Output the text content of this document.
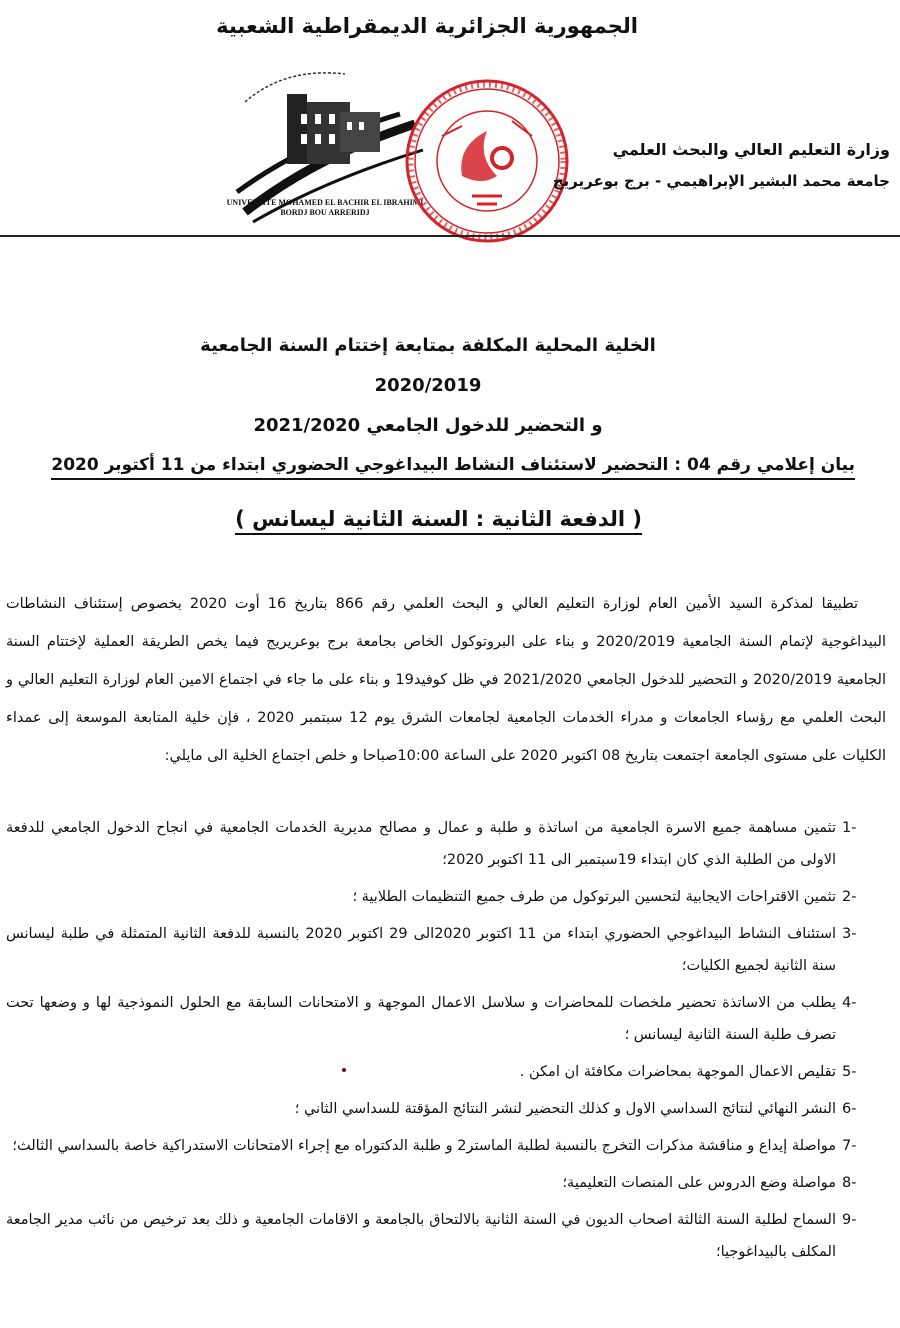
الجمهورية الجزائرية الديمقراطية الشعبية
UNIVERSITE MOHAMED EL BACHIR EL IBRAHIMI
BORDJ BOU ARRERIDJ
وزارة التعليم العالي والبحث العلمي
جامعة محمد البشير الإبراهيمي - برج بوعريريج
الخلية المحلية المكلفة بمتابعة إختتام السنة الجامعية 2020/2019
و التحضير للدخول الجامعي 2021/2020
بيان إعلامي رقم 04 : التحضير لاستئناف النشاط البيداغوجي الحضوري ابتداء من 11 أكتوبر 2020
( الدفعة الثانية : السنة الثانية ليسانس )
تطبيقا لمذكرة السيد الأمين العام لوزارة التعليم العالي و البحث العلمي رقم 866 بتاريخ 16 أوت 2020 بخصوص إستئناف النشاطات البيداغوجية لإتمام السنة الجامعية 2020/2019 و بناء على البروتوكول الخاص بجامعة برج بوعريريج فيما يخص الطريقة العملية لإختتام السنة الجامعية 2020/2019 و التحضير للدخول الجامعي 2021/2020 في ظل كوفيد19 و بناء على ما جاء في اجتماع الامين العام لوزارة التعليم العالي و البحث العلمي مع رؤساء الجامعات و مدراء الخدمات الجامعية لجامعات الشرق يوم 12 سبتمبر 2020 ، فإن خلية المتابعة الموسعة إلى عمداء الكليات على مستوى الجامعة اجتمعت بتاريخ 08 اكتوبر 2020 على الساعة 10:00صباحا و خلص اجتماع الخلية الى مايلي:
-1
تثمين مساهمة جميع الاسرة الجامعية من اساتذة و طلبة و عمال و مصالح مديرية الخدمات الجامعية في انجاح الدخول الجامعي للدفعة الاولى من الطلبة الذي كان ابتداء 19سبتمبر الى 11 اكتوبر 2020؛
-2
تثمين الاقتراحات الايجابية لتحسين البرتوكول من طرف جميع التنظيمات الطلابية ؛
-3
استئناف النشاط البيداغوجي الحضوري ابتداء من 11 اكتوبر 2020الى 29 اكتوبر 2020 بالنسبة للدفعة الثانية المتمثلة في طلبة ليسانس سنة الثانية لجميع الكليات؛
-4
يطلب من الاساتذة تحضير ملخصات للمحاضرات و سلاسل الاعمال الموجهة و الامتحانات السابقة مع الحلول النموذجية لها و وضعها تحت تصرف طلبة السنة الثانية ليسانس ؛
-5
تقليص الاعمال الموجهة بمحاضرات مكافئة ان امكن .
-6
النشر النهائي لنتائج السداسي الاول و كذلك التحضير لنشر النتائج المؤقتة للسداسي الثاني ؛
-7
مواصلة إيداع و مناقشة مذكرات التخرج بالنسبة لطلبة الماستر2 و طلبة الدكتوراه مع إجراء الامتحانات الاستدراكية خاصة بالسداسي الثالث؛
-8
مواصلة وضع الدروس على المنصات التعليمية؛
-9
السماح لطلبة السنة الثالثة اصحاب الديون في السنة الثانية بالالتحاق بالجامعة و الاقامات الجامعية و ذلك بعد ترخيص من نائب مدير الجامعة المكلف بالبيداغوجيا؛
